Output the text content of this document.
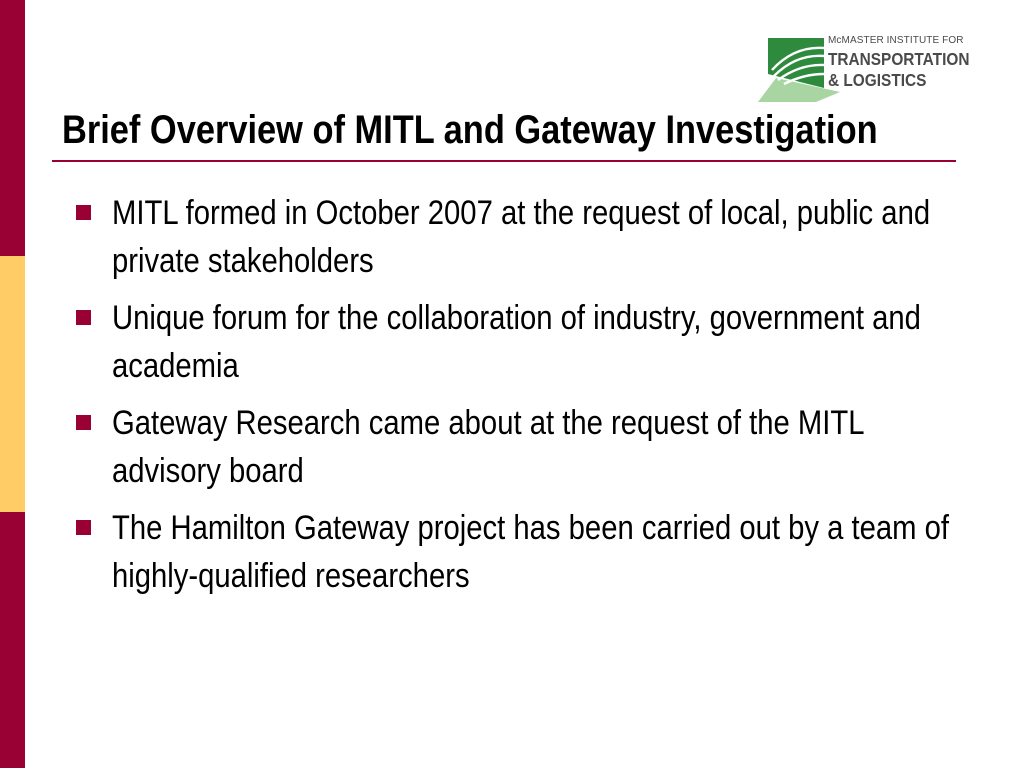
McMASTER INSTITUTE FOR
TRANSPORTATION
& LOGISTICS
Brief Overview of MITL and Gateway Investigation
MITL formed in October 2007 at the request of local, public and private stakeholders
Unique forum for the collaboration of industry, government and academia
Gateway Research came about at the request of the MITL advisory board
The Hamilton Gateway project has been carried out by a team of highly-qualified researchers
